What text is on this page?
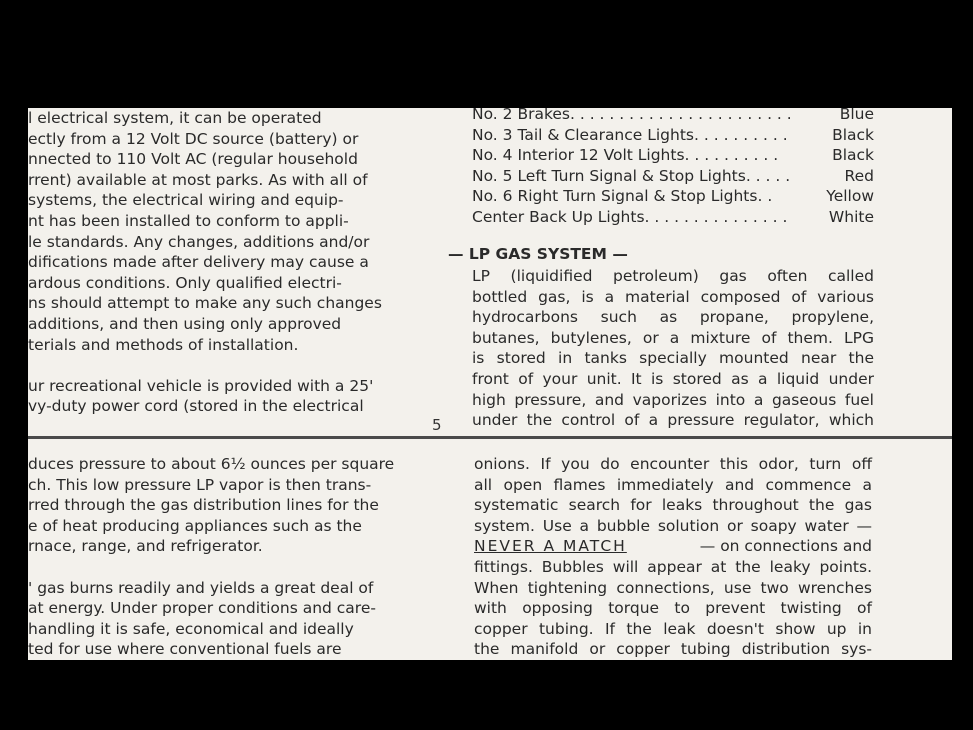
l electrical system, it can be operated
ectly from a 12 Volt DC source (battery) or
nnected to 110 Volt AC (regular household
rrent) available at most parks. As with all of
systems, the electrical wiring and equip-
nt has been installed to conform to appli-
le standards. Any changes, additions and/or
difications made after delivery may cause a
ardous conditions. Only qualified electri-
ns should attempt to make any such changes
additions, and then using only approved
terials and methods of installation.
ur recreational vehicle is provided with a 25'
vy-duty power cord (stored in the electrical
5
No. 2 Brakes . . . . . . . . . . . . . . . . . . . . . . .	Blue
No. 3 Tail & Clearance Lights . . . . . . . . . .	Black
No. 4 Interior 12 Volt Lights . . . . . . . . . .	Black
No. 5 Left Turn Signal & Stop Lights . . . . .	Red
No. 6 Right Turn Signal & Stop Lights . .	Yellow
Center Back Up Lights . . . . . . . . . . . . . . .	White
— LP GAS SYSTEM —
LP (liquidified petroleum) gas often called
bottled gas, is a material composed of various
hydrocarbons such as propane, propylene,
butanes, butylenes, or a mixture of them. LPG
is stored in tanks specially mounted near the
front of your unit. It is stored as a liquid under
high pressure, and vaporizes into a gaseous fuel
under the control of a pressure regulator, which
duces pressure to about 6½ ounces per square
ch. This low pressure LP vapor is then trans-
rred through the gas distribution lines for the
e of heat producing appliances such as the
rnace, range, and refrigerator.
' gas burns readily and yields a great deal of
at energy. Under proper conditions and care-
handling it is safe, economical and ideally
ted for use where conventional fuels are
onions. If you do encounter this odor, turn off
all open flames immediately and commence a
systematic search for leaks throughout the gas
system. Use a bubble solution or soapy water —
NEVER A MATCH	— on connections and
fittings. Bubbles will appear at the leaky points.
When tightening connections, use two wrenches
with opposing torque to prevent twisting of
copper tubing. If the leak doesn't show up in
the manifold or copper tubing distribution sys-
